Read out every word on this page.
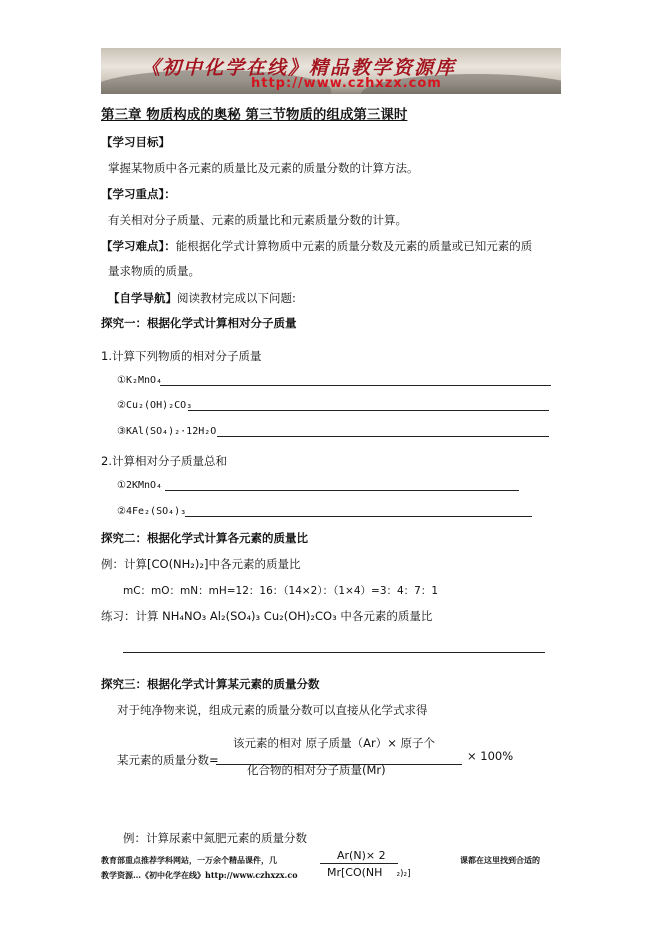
《初中化学在线》精品教学资源库
http://www.czhxzx.com
第三章 物质构成的奥秘 第三节物质的组成第三课时
【学习目标】
掌握某物质中各元素的质量比及元素的质量分数的计算方法。
【学习重点】：
有关相对分子质量、元素的质量比和元素质量分数的计算。
【学习难点】：能根据化学式计算物质中元素的质量分数及元素的质量或已知元素的质
量求物质的质量。
【自学导航】阅读教材完成以下问题:
探究一：根据化学式计算相对分子质量
1.计算下列物质的相对分子质量
①K₂MnO₄
②Cu₂(OH)₂CO₃
③KAl(SO₄)₂·12H₂O
2.计算相对分子质量总和
①2KMnO₄
②4Fe₂(SO₄)₃
探究二：根据化学式计算各元素的质量比
例：计算[CO(NH₂)₂]中各元素的质量比
mC：mO：mN：mH=12：16：（14×2）：（1×4）=3：4：7：1
练习：计算 NH₄NO₃ Al₂(SO₄)₃ Cu₂(OH)₂CO₃ 中各元素的质量比
探究三：根据化学式计算某元素的质量分数
对于纯净物来说，组成元素的质量分数可以直接从化学式求得
该元素的相对 原子质量（Ar）× 原子个
某元素的质量分数=	× 100%
化合物的相对分子质量(Mr)
例：计算尿素中氮肥元素的质量分数
教育部重点推荐学科网站，一万余个精品课件，几
教学资源…《初中化学在线》http://www.czhxzx.co
课都在这里找到合适的
Ar(N)× 2
Mr[CO(NH ₂)₂]
